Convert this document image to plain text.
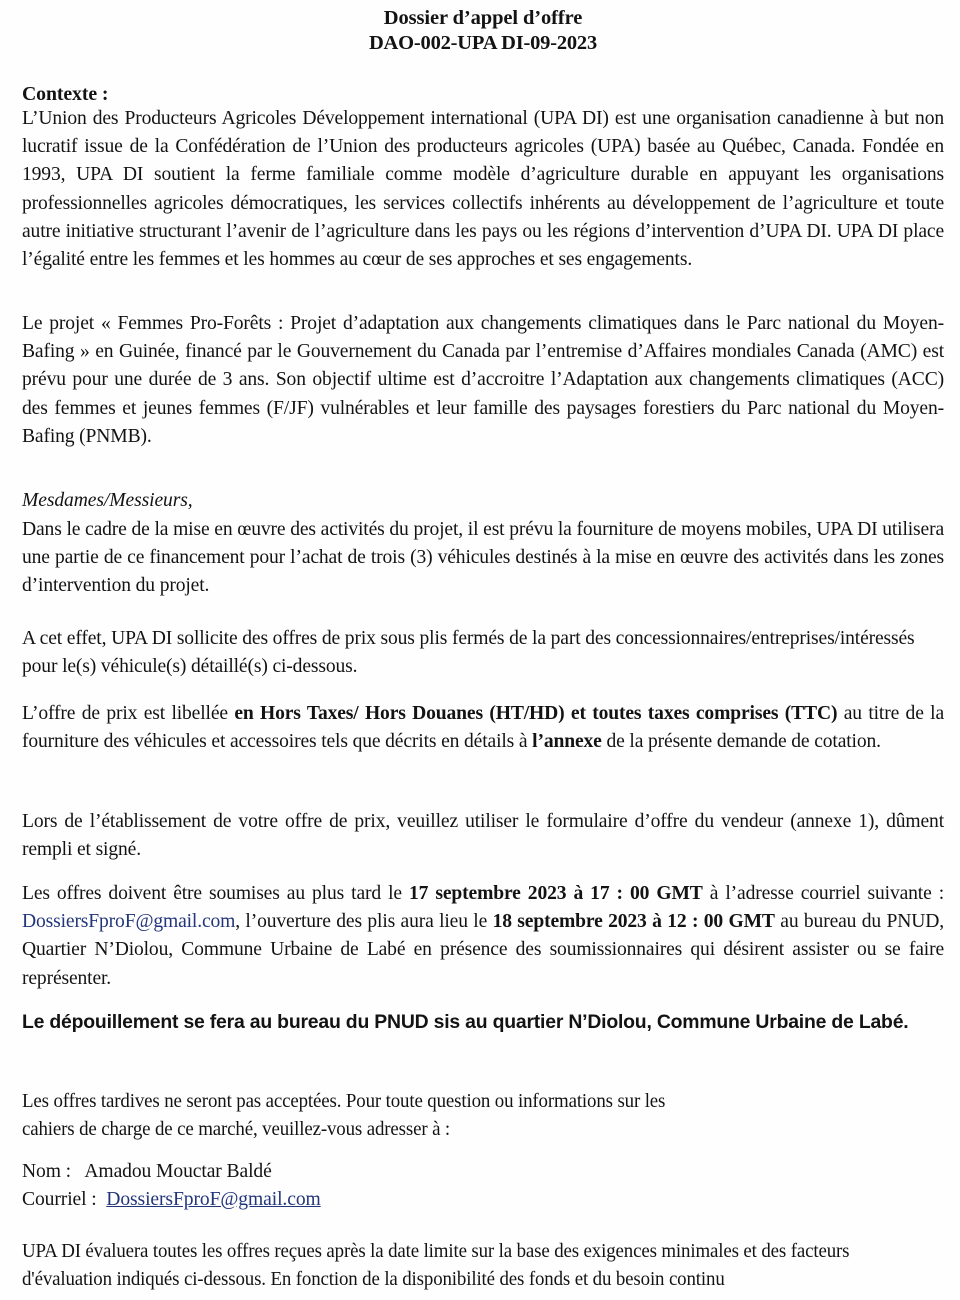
Dossier d’appel d’offre
DAO-002-UPA DI-09-2023
Contexte :

L’Union des Producteurs Agricoles Développement international (UPA DI) est une organisation canadienne à but non lucratif issue de la Confédération de l’Union des producteurs agricoles (UPA) basée au Québec, Canada. Fondée en 1993, UPA DI soutient la ferme familiale comme modèle d’agriculture durable en appuyant les organisations professionnelles agricoles démocratiques, les services collectifs inhérents au développement de l’agriculture et toute autre initiative structurant l’avenir de l’agriculture dans les pays ou les régions d’intervention d’UPA DI. UPA DI place l’égalité entre les femmes et les hommes au cœur de ses approches et ses engagements.

Le projet « Femmes Pro-Forêts : Projet d’adaptation aux changements climatiques dans le Parc national du Moyen-Bafing » en Guinée, financé par le Gouvernement du Canada par l’entremise d’Affaires mondiales Canada (AMC) est prévu pour une durée de 3 ans. Son objectif ultime est d’accroitre l’Adaptation aux changements climatiques (ACC) des femmes et jeunes femmes (F/JF) vulnérables et leur famille des paysages forestiers du Parc national du Moyen-Bafing (PNMB).

Mesdames/Messieurs,

Dans le cadre de la mise en œuvre des activités du projet, il est prévu la fourniture de moyens mobiles, UPA DI utilisera une partie de ce financement pour l’achat de trois (3) véhicules destinés à la mise en œuvre des activités dans les zones d’intervention du projet.

A cet effet, UPA DI sollicite des offres de prix sous plis fermés de la part des concessionnaires/entreprises/intéressés pour le(s) véhicule(s) détaillé(s) ci-dessous.

L’offre de prix est libellée en Hors Taxes/ Hors Douanes (HT/HD) et toutes taxes comprises (TTC) au titre de la fourniture des véhicules et accessoires tels que décrits en détails à l’annexe de la présente demande de cotation.

Lors de l’établissement de votre offre de prix, veuillez utiliser le formulaire d’offre du vendeur (annexe 1), dûment rempli et signé.

Les offres doivent être soumises au plus tard le 17 septembre 2023 à 17 : 00 GMT à l’adresse courriel suivante : DossiersFproF@gmail.com, l’ouverture des plis aura lieu le 18 septembre 2023 à 12 : 00 GMT au bureau du PNUD, Quartier N’Diolou, Commune Urbaine de Labé en présence des soumissionnaires qui désirent assister ou se faire représenter.

Le dépouillement se fera au bureau du PNUD sis au quartier N’Diolou, Commune Urbaine de Labé.

Les offres tardives ne seront pas acceptées. Pour toute question ou informations sur les cahiers de charge de ce marché, veuillez-vous adresser à :

Nom : Amadou Mouctar Baldé
Courriel : DossiersFproF@gmail.com

UPA DI évaluera toutes les offres reçues après la date limite sur la base des exigences minimales et des facteurs d'évaluation indiqués ci-dessous. En fonction de la disponibilité des fonds et du besoin continu
